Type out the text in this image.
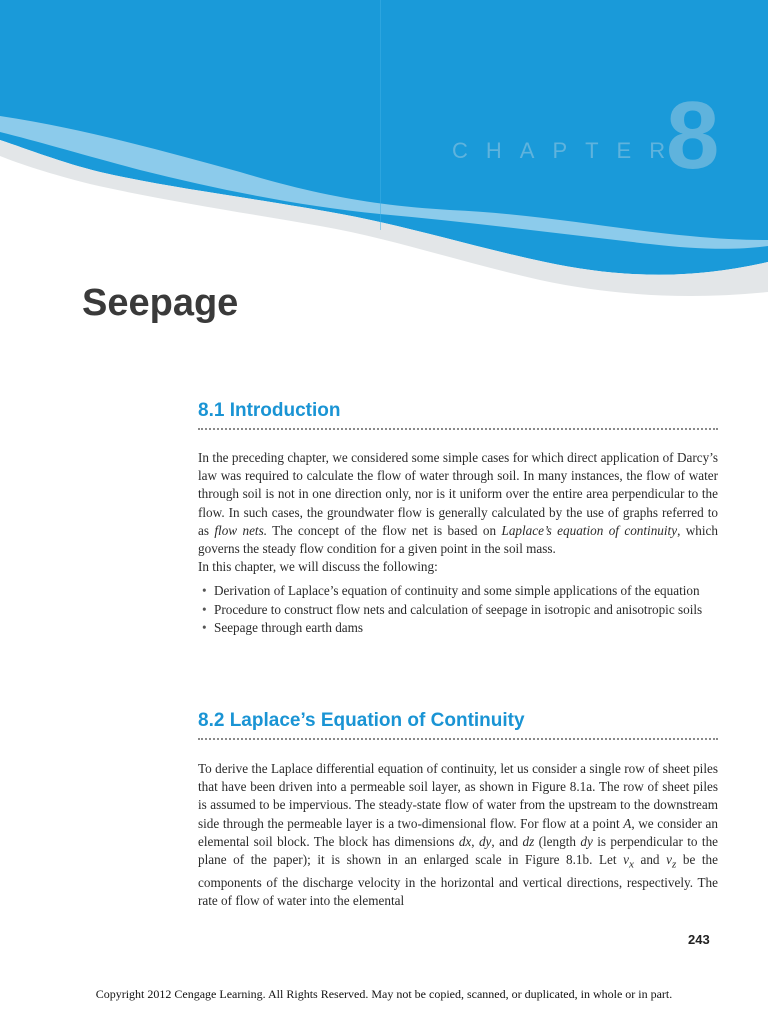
CHAPTER
8
Seepage
8.1 Introduction

In the preceding chapter, we considered some simple cases for which direct application of Darcy’s law was required to calculate the flow of water through soil. In many instances, the flow of water through soil is not in one direction only, nor is it uniform over the entire area perpendicular to the flow. In such cases, the groundwater flow is generally calculated by the use of graphs referred to as flow nets. The concept of the flow net is based on Laplace’s equation of continuity, which governs the steady flow condition for a given point in the soil mass.

In this chapter, we will discuss the following:

• Derivation of Laplace’s equation of continuity and some simple applications of the equation
• Procedure to construct flow nets and calculation of seepage in isotropic and anisotropic soils
• Seepage through earth dams
8.2 Laplace’s Equation of Continuity

To derive the Laplace differential equation of continuity, let us consider a single row of sheet piles that have been driven into a permeable soil layer, as shown in Figure 8.1a. The row of sheet piles is assumed to be impervious. The steady-state flow of water from the upstream to the downstream side through the permeable layer is a two-dimensional flow. For flow at a point A, we consider an elemental soil block. The block has dimensions dx, dy, and dz (length dy is perpendicular to the plane of the paper); it is shown in an enlarged scale in Figure 8.1b. Let $v_x$ and $v_z$ be the components of the discharge velocity in the horizontal and vertical directions, respectively. The rate of flow of water into the elemental

243
Copyright 2012 Cengage Learning. All Rights Reserved. May not be copied, scanned, or duplicated, in whole or in part.
